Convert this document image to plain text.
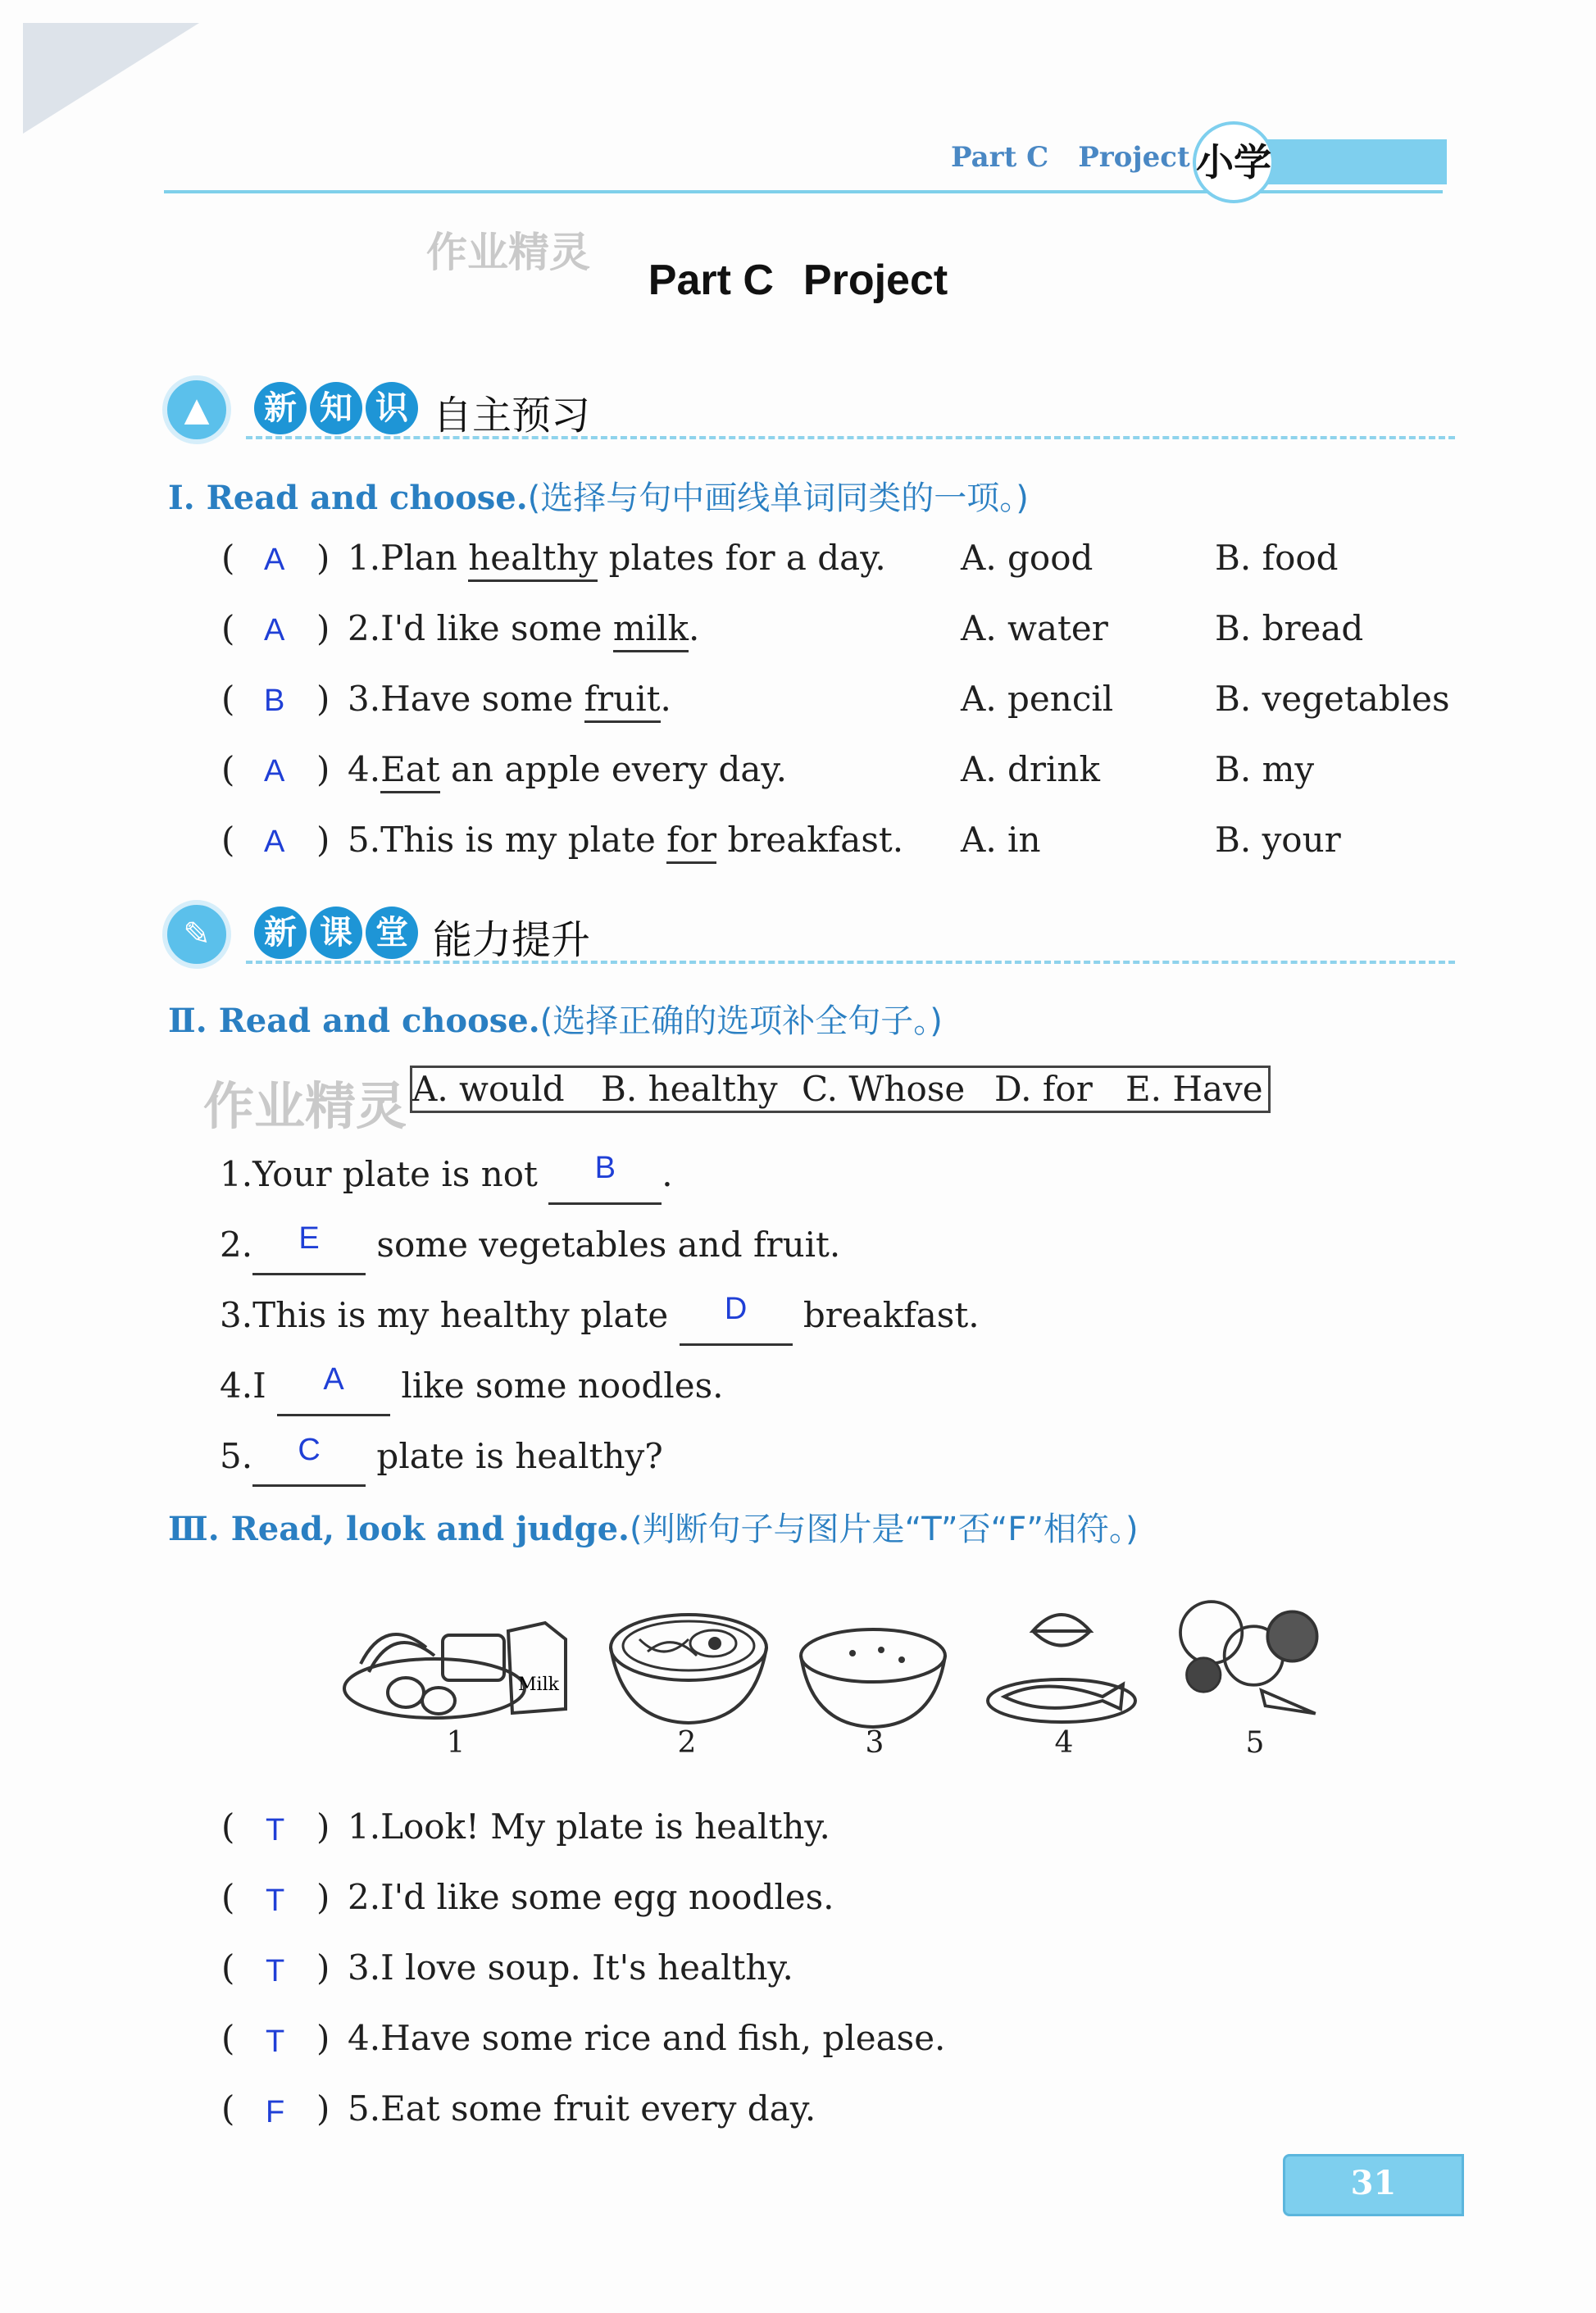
Part C Project 小学
作业精灵
作业精灵
Part C Project
▲	新 知 识 自主预习
Ⅰ. Read and choose.(选择与句中画线单词同类的一项。)
( A ) 1.Plan healthy plates for a day. A. good	B. food
( A ) 2.I'd like some milk.	A. water	B. bread
( B ) 3.Have some fruit.	A. pencil	B. vegetables
( A ) 4.Eat an apple every day.	A. drink	B. my
( A ) 5.This is my plate for breakfast. A. in	B. your
✎	新 课 堂 能力提升
Ⅱ. Read and choose.(选择正确的选项补全句子。)
A. would B. healthy C. Whose D. for E. Have
1.Your plate is not B .
2. E some vegetables and fruit.
3.This is my healthy plate D breakfast.
4.I A like some noodles.
5. C plate is healthy?
Ⅲ. Read, look and judge.(判断句子与图片是“T”否“F”相符。)
Milk
1	2	3	4	5
( T ) 1.Look! My plate is healthy.
( T ) 2.I'd like some egg noodles.
( T ) 3.I love soup. It's healthy.
( T ) 4.Have some rice and fish, please.
( F ) 5.Eat some fruit every day.
31
